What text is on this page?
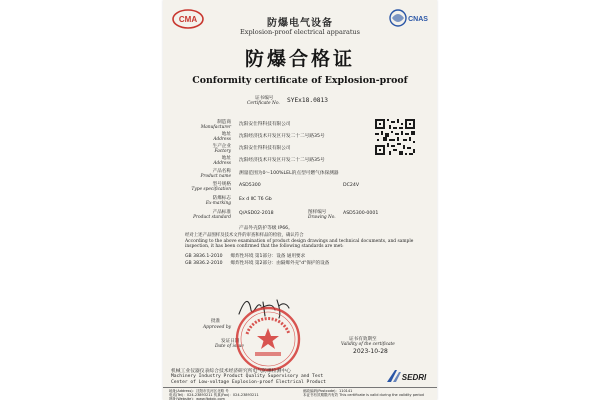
CMA	防爆电气设备
Explosion-proof electrical apparatus
CNAS
防爆合格证
Conformity certificate of Explosion-proof
证书编号
Certificate No. SYEx18.0813
制造商
Manufacturer
沈阳安仕得科技有限公司
地址
Address
沈阳经济技术开发区开发二十二号路35号
生产企业
Factory
沈阳安仕得科技有限公司
地址
Address
沈阳经济技术开发区开发二十二号路35号
产品名称
Product name
测量范围为0～100%LEL的点型可燃气体探测器
型号规格
Type specification
ASD5300	DC24V
防爆标志
Ex-marking
Ex d ⅡC T6 Gb
产品标准
Product standard
Q/ASD02-2018	图样编号
Drawing No.
ASD5300-0001
产品外壳防护等级 IP66。
经对上述产品图样及技术文件的审查和样品的检验，确认符合
According to the above examination of product design drawings and technical documents, and sample
inspection, it has been confirmed that the following standards are met:
GB 3836.1-2010 爆炸性环境 第1部分：设备 通用要求
GB 3836.2-2010 爆炸性环境 第2部分：由隔爆外壳"d"保护的设备
批准
Approved by
发证日期
Date of issue
证书有效期至
Validity of the certificate
2023-10-28
机械工业仪器仪表综合技术经济研究所电气防爆检测中心
Machinery Industry Product Quality Supervisory and Test
Center of Low-voltage Explosion-proof Electrical Product
SEDRI
地址(Address)：沈阳市沈河区北路 号
电话(Tel)：024-23893211 传真(Fax)：024-23893211
网址(Website)：www.fbdqjc.com
邮政编码(Postcode)：110141
本证书有效期限内有效 This certificate is valid during the validity period
